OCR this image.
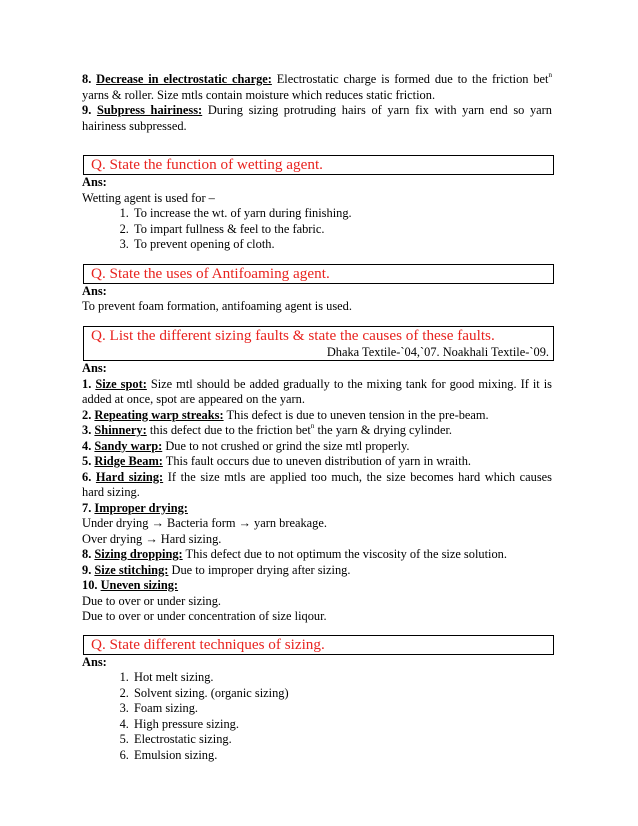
8. Decrease in electrostatic charge: Electrostatic charge is formed due to the friction bet$^n$ yarns & roller. Size mtls contain moisture which reduces static friction.

9. Subpress hairiness: During sizing protruding hairs of yarn fix with yarn end so yarn hairiness subpressed.

Q. State the function of wetting agent.

Ans:

Wetting agent is used for –

1. To increase the wt. of yarn during finishing.
2. To impart fullness & feel to the fabric.
3. To prevent opening of cloth.
Q. State the uses of Antifoaming agent.

Ans:

To prevent foam formation, antifoaming agent is used.

Q. List the different sizing faults & state the causes of these faults.
Dhaka Textile-`04,`07. Noakhali Textile-`09.

Ans:

1. Size spot: Size mtl should be added gradually to the mixing tank for good mixing. If it is added at once, spot are appeared on the yarn.

2. Repeating warp streaks: This defect is due to uneven tension in the pre-beam.

3. Shinnery: this defect due to the friction bet$^n$ the yarn & drying cylinder.

4. Sandy warp: Due to not crushed or grind the size mtl properly.

5. Ridge Beam: This fault occurs due to uneven distribution of yarn in wraith.

6. Hard sizing: If the size mtls are applied too much, the size becomes hard which causes hard sizing.

7. Improper drying:

Under drying → Bacteria form → yarn breakage.

Over drying → Hard sizing.

8. Sizing dropping: This defect due to not optimum the viscosity of the size solution.

9. Size stitching: Due to improper drying after sizing.

10. Uneven sizing:

Due to over or under sizing.

Due to over or under concentration of size liqour.

Q. State different techniques of sizing.

Ans:

1. Hot melt sizing.
2. Solvent sizing. (organic sizing)
3. Foam sizing.
4. High pressure sizing.
5. Electrostatic sizing.
6. Emulsion sizing.
